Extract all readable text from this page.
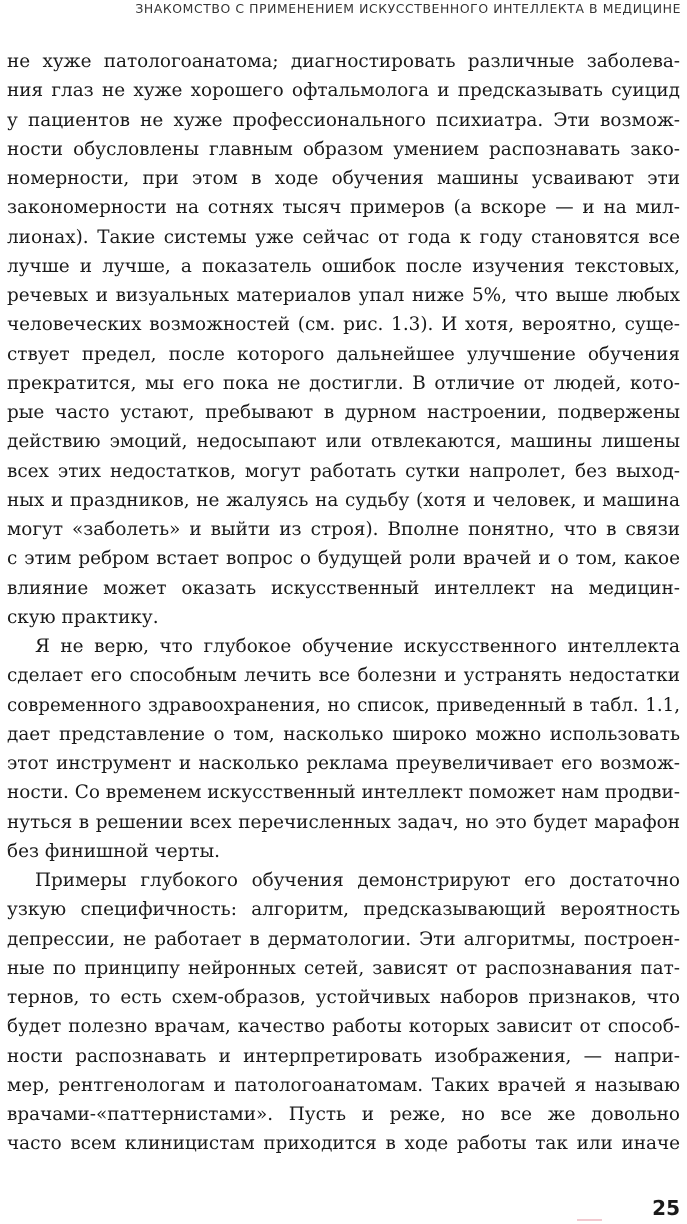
ЗНАКОМСТВО С ПРИМЕНЕНИЕМ ИСКУССТВЕННОГО ИНТЕЛЛЕКТА В МЕДИЦИНЕ
не хуже патологоанатома; диагностировать различные заболева-
ния глаз не хуже хорошего офтальмолога и предсказывать суицид
у пациентов не хуже профессионального психиатра. Эти возмож-
ности обусловлены главным образом умением распознавать зако-
номерности, при этом в ходе обучения машины усваивают эти
закономерности на сотнях тысяч примеров (а вскоре — и на мил-
лионах). Такие системы уже сейчас от года к году становятся все
лучше и лучше, а показатель ошибок после изучения текстовых,
речевых и визуальных материалов упал ниже 5%, что выше любых
человеческих возможностей (см. рис. 1.3). И хотя, вероятно, суще-
ствует предел, после которого дальнейшее улучшение обучения
прекратится, мы его пока не достигли. В отличие от людей, кото-
рые часто устают, пребывают в дурном настроении, подвержены
действию эмоций, недосыпают или отвлекаются, машины лишены
всех этих недостатков, могут работать сутки напролет, без выход-
ных и праздников, не жалуясь на судьбу (хотя и человек, и машина
могут «заболеть» и выйти из строя). Вполне понятно, что в связи
с этим ребром встает вопрос о будущей роли врачей и о том, какое
влияние может оказать искусственный интеллект на медицин-
скую практику.
Я не верю, что глубокое обучение искусственного интеллекта
сделает его способным лечить все болезни и устранять недостатки
современного здравоохранения, но список, приведенный в табл. 1.1,
дает представление о том, насколько широко можно использовать
этот инструмент и насколько реклама преувеличивает его возмож-
ности. Со временем искусственный интеллект поможет нам продви-
нуться в решении всех перечисленных задач, но это будет марафон
без финишной черты.
Примеры глубокого обучения демонстрируют его достаточно
узкую специфичность: алгоритм, предсказывающий вероятность
депрессии, не работает в дерматологии. Эти алгоритмы, построен-
ные по принципу нейронных сетей, зависят от распознавания пат-
тернов, то есть схем-образов, устойчивых наборов признаков, что
будет полезно врачам, качество работы которых зависит от способ-
ности распознавать и интерпретировать изображения, — напри-
мер, рентгенологам и патологоанатомам. Таких врачей я называю
врачами-«паттернистами». Пусть и реже, но все же довольно
часто всем клиницистам приходится в ходе работы так или иначе
25
